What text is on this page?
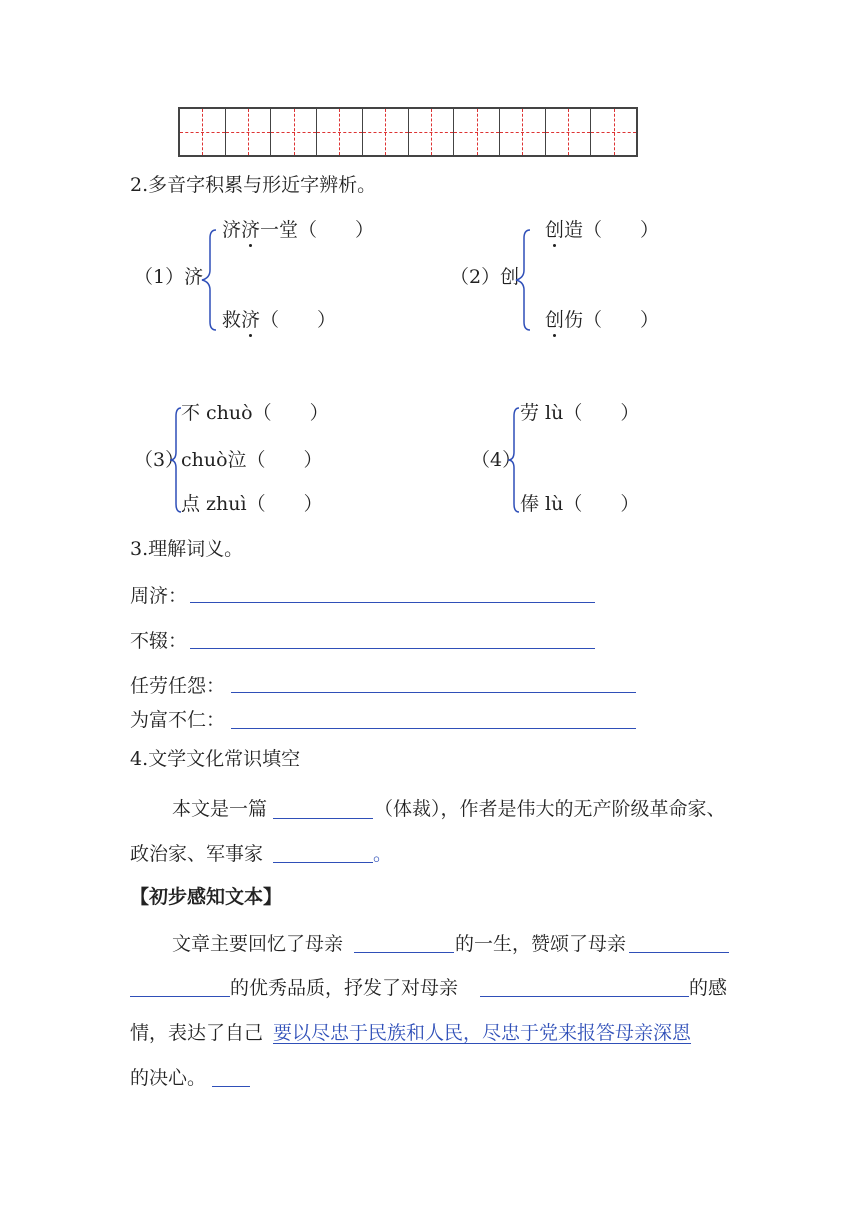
2.多音字积累与形近字辨析。
（1）济
济济一堂（　　）
救济（　　）
（2）创
创造（　　）
创伤（　　）
（3）
不 chuò（　　）
chuò泣（　　）
点 zhuì（　　）
（4）
劳 lù（　　）
俸 lù（　　）
3.理解词义。
周济：
不辍：
任劳任怨：
为富不仁：
4.文学文化常识填空
本文是一篇	（体裁），作者是伟大的无产阶级革命家、
政治家、军事家	。
【初步感知文本】
文章主要回忆了母亲	的一生，赞颂了母亲
的优秀品质，抒发了对母亲	的感
情，表达了自己 要以尽忠于民族和人民，尽忠于党来报答母亲深恩
的决心。
